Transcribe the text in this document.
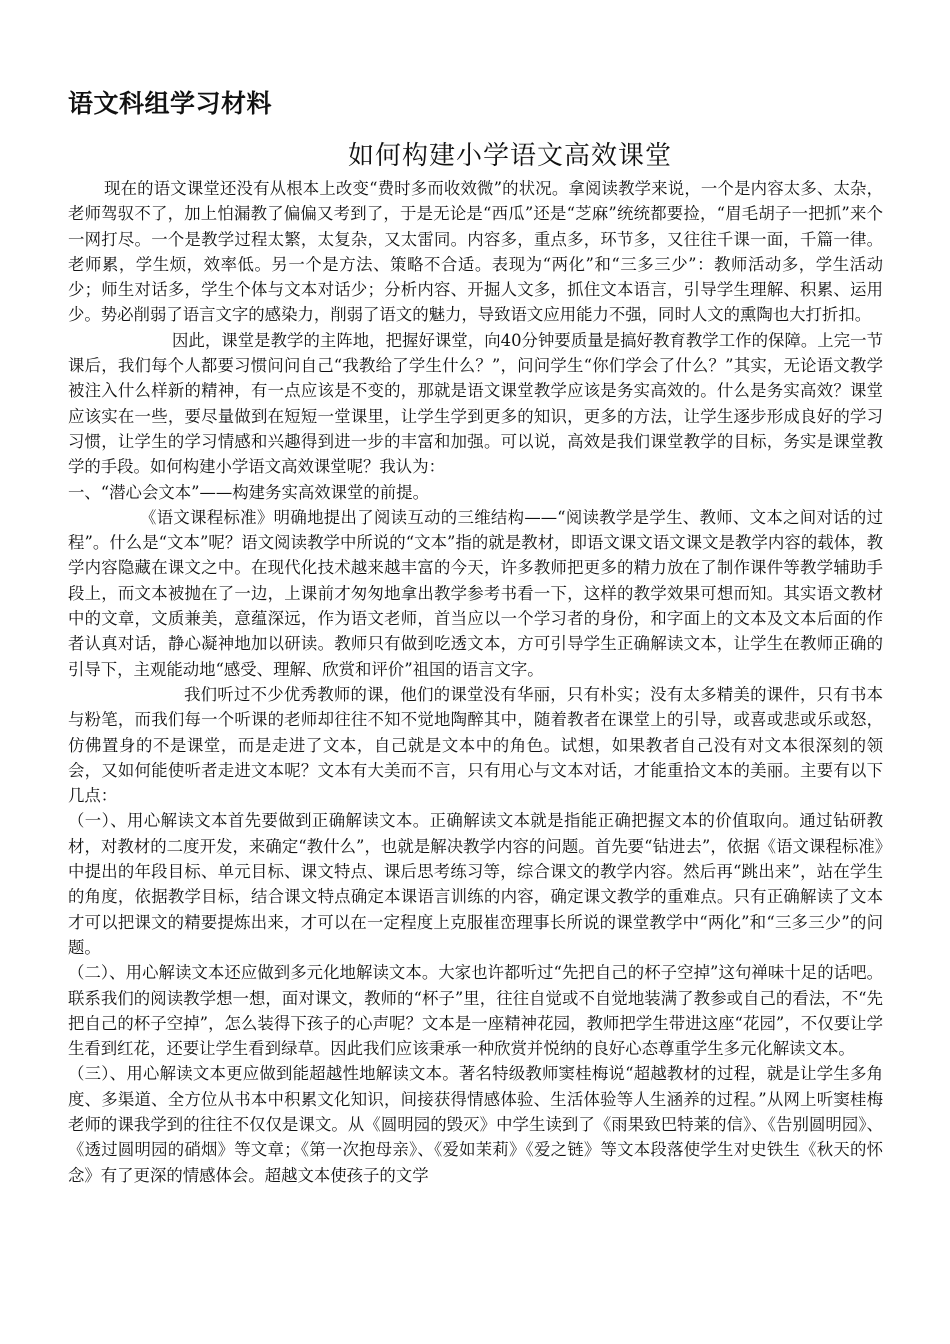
语文科组学习材料
如何构建小学语文高效课堂

现在的语文课堂还没有从根本上改变“费时多而收效微”的状况。拿阅读教学来说，一个是内容太多、太杂，老师驾驭不了，加上怕漏教了偏偏又考到了，于是无论是“西瓜”还是“芝麻”统统都要捡，“眉毛胡子一把抓”来个一网打尽。一个是教学过程太繁，太复杂，又太雷同。内容多，重点多，环节多，又往往千课一面，千篇一律。老师累，学生烦，效率低。另一个是方法、策略不合适。表现为“两化”和“三多三少”：教师活动多，学生活动少；师生对话多，学生个体与文本对话少；分析内容、开掘人文多，抓住文本语言，引导学生理解、积累、运用少。势必削弱了语言文字的感染力，削弱了语文的魅力，导致语文应用能力不强，同时人文的熏陶也大打折扣。

因此，课堂是教学的主阵地，把握好课堂，向40分钟要质量是搞好教育教学工作的保障。上完一节课后，我们每个人都要习惯问问自己“我教给了学生什么？”，问问学生“你们学会了什么？”其实，无论语文教学被注入什么样新的精神，有一点应该是不变的，那就是语文课堂教学应该是务实高效的。什么是务实高效？课堂应该实在一些，要尽量做到在短短一堂课里，让学生学到更多的知识，更多的方法，让学生逐步形成良好的学习习惯，让学生的学习情感和兴趣得到进一步的丰富和加强。可以说，高效是我们课堂教学的目标，务实是课堂教学的手段。如何构建小学语文高效课堂呢？我认为：

一、“潜心会文本”——构建务实高效课堂的前提。

《语文课程标准》明确地提出了阅读互动的三维结构——“阅读教学是学生、教师、文本之间对话的过程”。什么是“文本”呢？语文阅读教学中所说的“文本”指的就是教材，即语文课文语文课文是教学内容的载体，教学内容隐藏在课文之中。在现代化技术越来越丰富的今天，许多教师把更多的精力放在了制作课件等教学辅助手段上，而文本被抛在了一边，上课前才匆匆地拿出教学参考书看一下，这样的教学效果可想而知。其实语文教材中的文章，文质兼美，意蕴深远，作为语文老师，首当应以一个学习者的身份，和字面上的文本及文本后面的作者认真对话，静心凝神地加以研读。教师只有做到吃透文本，方可引导学生正确解读文本，让学生在教师正确的引导下，主观能动地“感受、理解、欣赏和评价”祖国的语言文字。

我们听过不少优秀教师的课，他们的课堂没有华丽，只有朴实；没有太多精美的课件，只有书本与粉笔，而我们每一个听课的老师却往往不知不觉地陶醉其中，随着教者在课堂上的引导，或喜或悲或乐或怒，仿佛置身的不是课堂，而是走进了文本，自己就是文本中的角色。试想，如果教者自己没有对文本很深刻的领会，又如何能使听者走进文本呢？文本有大美而不言，只有用心与文本对话，才能重拾文本的美丽。主要有以下几点：

（一）、用心解读文本首先要做到正确解读文本。正确解读文本就是指能正确把握文本的价值取向。通过钻研教材，对教材的二度开发，来确定“教什么”，也就是解决教学内容的问题。首先要“钻进去”，依据《语文课程标准》中提出的年段目标、单元目标、课文特点、课后思考练习等，综合课文的教学内容。然后再“跳出来”，站在学生的角度，依据教学目标，结合课文特点确定本课语言训练的内容，确定课文教学的重难点。只有正确解读了文本才可以把课文的精要提炼出来，才可以在一定程度上克服崔峦理事长所说的课堂教学中“两化”和“三多三少”的问题。

（二）、用心解读文本还应做到多元化地解读文本。大家也许都听过“先把自己的杯子空掉”这句禅味十足的话吧。联系我们的阅读教学想一想，面对课文，教师的“杯子”里，往往自觉或不自觉地装满了教参或自己的看法，不“先把自己的杯子空掉”，怎么装得下孩子的心声呢？文本是一座精神花园，教师把学生带进这座“花园”，不仅要让学生看到红花，还要让学生看到绿草。因此我们应该秉承一种欣赏并悦纳的良好心态尊重学生多元化解读文本。

（三）、用心解读文本更应做到能超越性地解读文本。著名特级教师窦桂梅说“超越教材的过程，就是让学生多角度、多渠道、全方位从书本中积累文化知识，间接获得情感体验、生活体验等人生涵养的过程。”从网上听窦桂梅老师的课我学到的往往不仅仅是课文。从《圆明园的毁灭》中学生读到了《雨果致巴特莱的信》、《告别圆明园》、《透过圆明园的硝烟》等文章；《第一次抱母亲》、《爱如茉莉》《爱之链》等文本段落使学生对史铁生《秋天的怀念》有了更深的情感体会。超越文本使孩子的文学
